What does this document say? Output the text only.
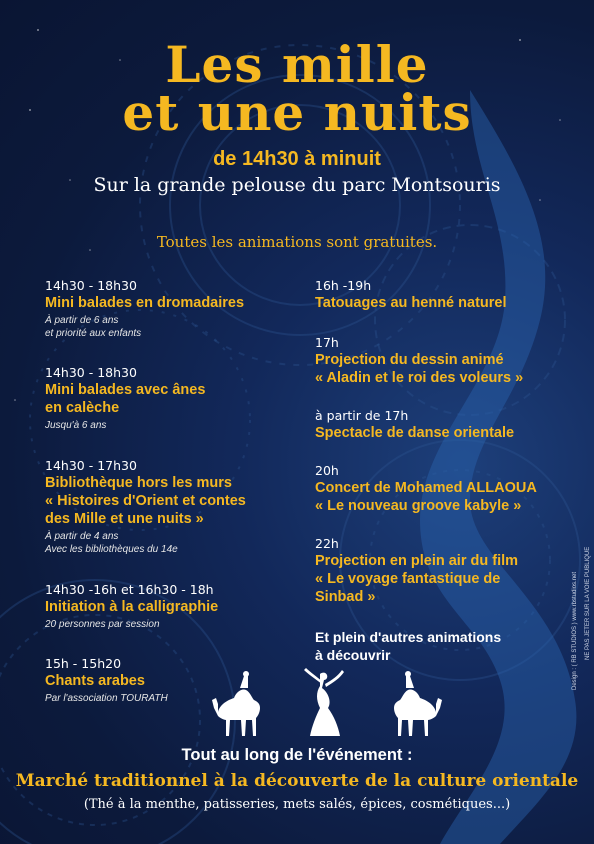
Les mille
et une nuits
de 14h30 à minuit
Sur la grande pelouse du parc Montsouris
Toutes les animations sont gratuites.
14h30 - 18h30
Mini balades en dromadaires
À partir de 6 ans
et priorité aux enfants
14h30 - 18h30
Mini balades avec ânes
en calèche
Jusqu'à 6 ans
14h30 - 17h30
Bibliothèque hors les murs
« Histoires d'Orient et contes
des Mille et une nuits »
À partir de 4 ans
Avec les bibliothèques du 14e
14h30 -16h et 16h30 - 18h
Initiation à la calligraphie
20 personnes par session
15h - 15h20
Chants arabes
Par l'association TOURATH
16h -19h
Tatouages au henné naturel
17h
Projection du dessin animé
« Aladin et le roi des voleurs »
à partir de 17h
Spectacle de danse orientale
20h
Concert de Mohamed ALLAOUA
« Le nouveau groove kabyle »
22h
Projection en plein air du film
« Le voyage fantastique de
Sinbad »
Et plein d'autres animations
à découvrir
Tout au long de l'événement :
Marché traditionnel à la découverte de la culture orientale
(Thé à la menthe, patisseries, mets salés, épices, cosmétiques...)
Design : ( RB STUDIOS ) www.rbstudios.net NE PAS JETER SUR LA VOIE PUBLIQUE
